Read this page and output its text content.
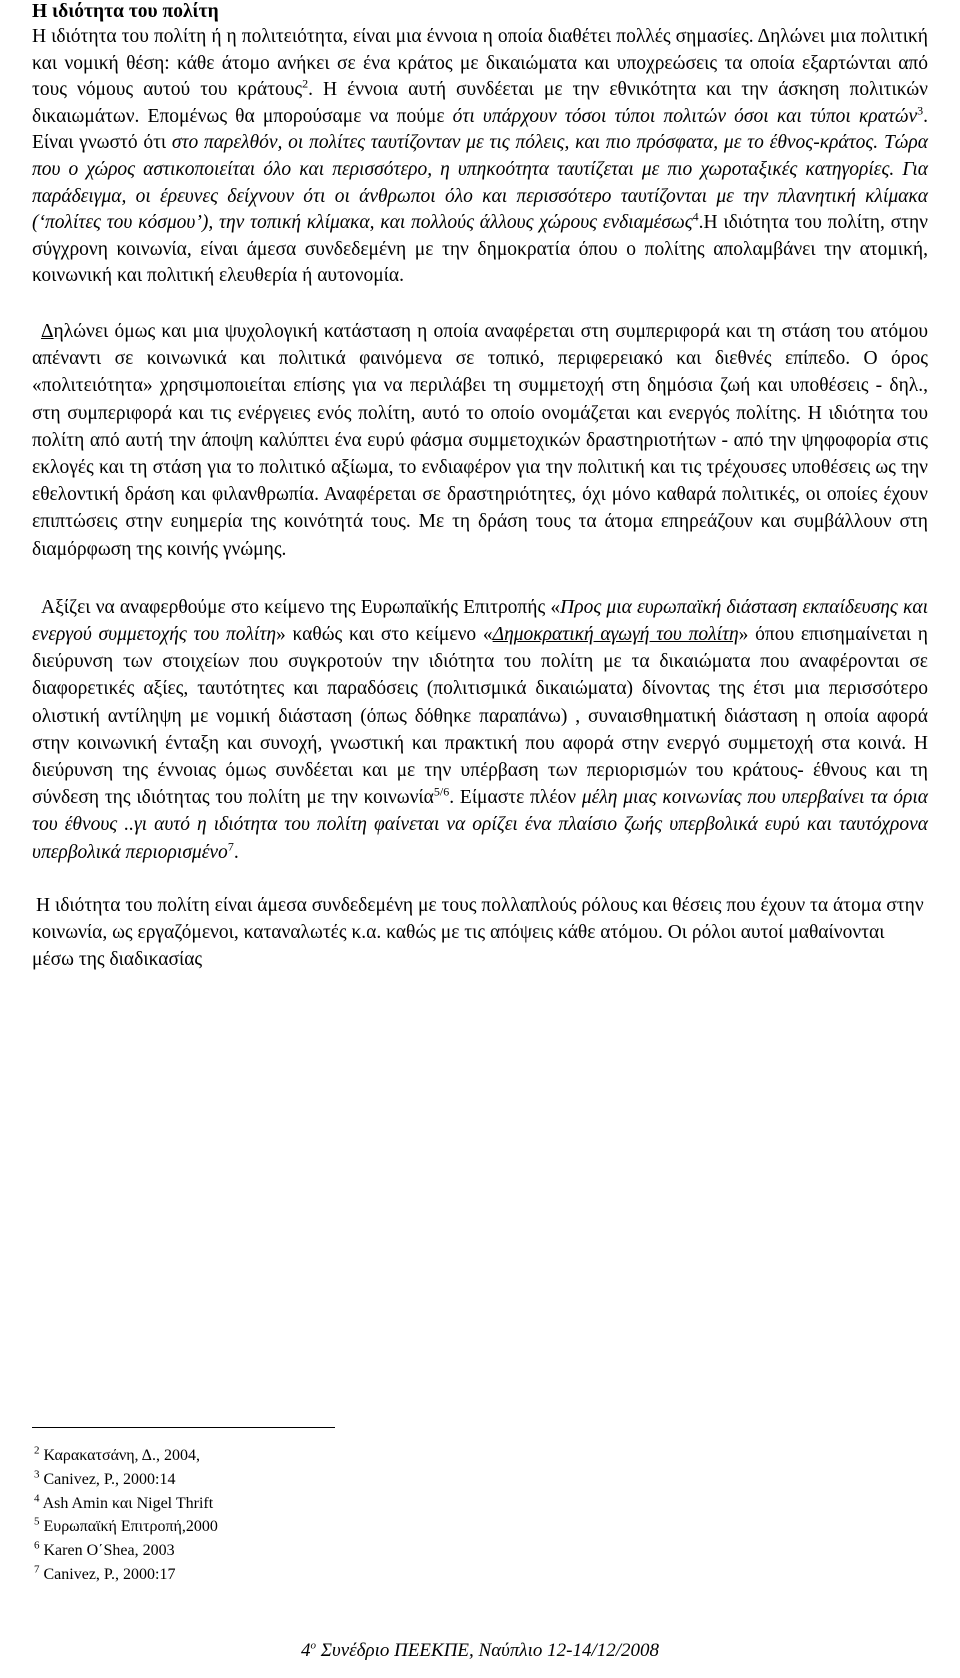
Η ιδιότητα του πολίτη

Η ιδιότητα του πολίτη ή η πολιτειότητα, είναι μια έννοια η οποία διαθέτει πολλές σημασίες. Δηλώνει μια πολιτική και νομική θέση: κάθε άτομο ανήκει σε ένα κράτος με δικαιώματα και υποχρεώσεις τα οποία εξαρτώνται από τους νόμους αυτού του κράτους$^2$. Η έννοια αυτή συνδέεται με την εθνικότητα και την άσκηση πολιτικών δικαιωμάτων. Επομένως θα μπορούσαμε να πούμε ότι υπάρχουν τόσοι τύποι πολιτών όσοι και τύποι κρατών$^3$. Είναι γνωστό ότι στο παρελθόν, οι πολίτες ταυτίζονταν με τις πόλεις, και πιο πρόσφατα, με το έθνος-κράτος. Τώρα που ο χώρος αστικοποιείται όλο και περισσότερο, η υπηκοότητα ταυτίζεται με πιο χωροταξικές κατηγορίες. Για παράδειγμα, οι έρευνες δείχνουν ότι οι άνθρωποι όλο και περισσότερο ταυτίζονται με την πλανητική κλίμακα (‘πολίτες του κόσμου’), την τοπική κλίμακα, και πολλούς άλλους χώρους ενδιαμέσως$^4$.Η ιδιότητα του πολίτη, στην σύγχρονη κοινωνία, είναι άμεσα συνδεδεμένη με την δημοκρατία όπου ο πολίτης απολαμβάνει την ατομική, κοινωνική και πολιτική ελευθερία ή αυτονομία.

Δηλώνει όμως και μια ψυχολογική κατάσταση η οποία αναφέρεται στη συμπεριφορά και τη στάση του ατόμου απέναντι σε κοινωνικά και πολιτικά φαινόμενα σε τοπικό, περιφερειακό και διεθνές επίπεδο. Ο όρος «πολιτειότητα» χρησιμοποιείται επίσης για να περιλάβει τη συμμετοχή στη δημόσια ζωή και υποθέσεις - δηλ., στη συμπεριφορά και τις ενέργειες ενός πολίτη, αυτό το οποίο ονομάζεται και ενεργός πολίτης. Η ιδιότητα του πολίτη από αυτή την άποψη καλύπτει ένα ευρύ φάσμα συμμετοχικών δραστηριοτήτων - από την ψηφοφορία στις εκλογές και τη στάση για το πολιτικό αξίωμα, το ενδιαφέρον για την πολιτική και τις τρέχουσες υποθέσεις ως την εθελοντική δράση και φιλανθρωπία. Αναφέρεται σε δραστηριότητες, όχι μόνο καθαρά πολιτικές, οι οποίες έχουν επιπτώσεις στην ευημερία της κοινότητά τους. Με τη δράση τους τα άτομα επηρεάζουν και συμβάλλουν στη διαμόρφωση της κοινής γνώμης.

Αξίζει να αναφερθούμε στο κείμενο της Ευρωπαϊκής Επιτροπής «Προς μια ευρωπαϊκή διάσταση εκπαίδευσης και ενεργού συμμετοχής του πολίτη» καθώς και στο κείμενο «Δημοκρατική αγωγή του πολίτη» όπου επισημαίνεται η διεύρυνση των στοιχείων που συγκροτούν την ιδιότητα του πολίτη με τα δικαιώματα που αναφέρονται σε διαφορετικές αξίες, ταυτότητες και παραδόσεις (πολιτισμικά δικαιώματα) δίνοντας της έτσι μια περισσότερο ολιστική αντίληψη με νομική διάσταση (όπως δόθηκε παραπάνω) , συναισθηματική διάσταση η οποία αφορά στην κοινωνική ένταξη και συνοχή, γνωστική και πρακτική που αφορά στην ενεργό συμμετοχή στα κοινά. Η διεύρυνση της έννοιας όμως συνδέεται και με την υπέρβαση των περιορισμών του κράτους- έθνους και τη σύνδεση της ιδιότητας του πολίτη με την κοινωνία$^{5/6}$. Είμαστε πλέον μέλη μιας κοινωνίας που υπερβαίνει τα όρια του έθνους ..γι αυτό η ιδιότητα του πολίτη φαίνεται να ορίζει ένα πλαίσιο ζωής υπερβολικά ευρύ και ταυτόχρονα υπερβολικά περιορισμένο$^7$.

Η ιδιότητα του πολίτη είναι άμεσα συνδεδεμένη με τους πολλαπλούς ρόλους και θέσεις που έχουν τα άτομα στην κοινωνία, ως εργαζόμενοι, καταναλωτές κ.α. καθώς με τις απόψεις κάθε ατόμου. Οι ρόλοι αυτοί μαθαίνονται μέσω της διαδικασίας

$^2$ Καρακατσάνη, Δ., 2004,
$^3$ Canivez, P., 2000:14
$^4$ Ash Amin και Nigel Thrift
$^5$ Ευρωπαϊκή Επιτροπή,2000
$^6$ Karen O΄Shea, 2003
$^7$ Canivez, P., 2000:17
$4^o$ Συνέδριο ΠΕΕΚΠΕ, Ναύπλιο 12-14/12/2008
